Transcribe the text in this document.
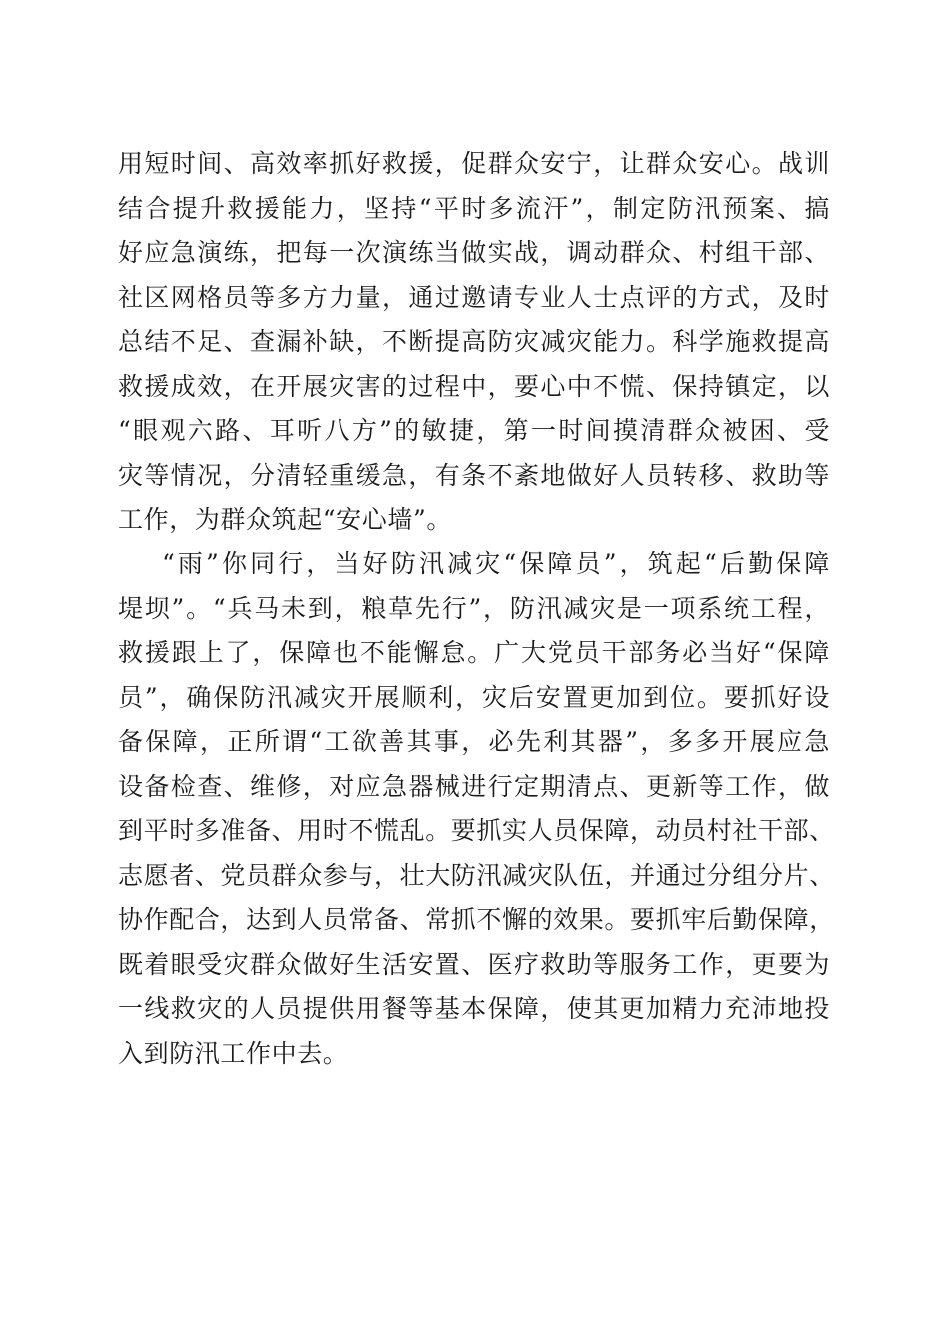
用短时间、高效率抓好救援，促群众安宁，让群众安心。战训
结合提升救援能力，坚持“平时多流汗”，制定防汛预案、搞
好应急演练，把每一次演练当做实战，调动群众、村组干部、
社区网格员等多方力量，通过邀请专业人士点评的方式，及时
总结不足、查漏补缺，不断提高防灾减灾能力。科学施救提高
救援成效，在开展灾害的过程中，要心中不慌、保持镇定，以
“眼观六路、耳听八方”的敏捷，第一时间摸清群众被困、受
灾等情况，分清轻重缓急，有条不紊地做好人员转移、救助等
工作，为群众筑起“安心墙”。
“雨”你同行，当好防汛减灾“保障员”，筑起“后勤保障
堤坝”。“兵马未到，粮草先行”，防汛减灾是一项系统工程，
救援跟上了，保障也不能懈怠。广大党员干部务必当好“保障
员”，确保防汛减灾开展顺利，灾后安置更加到位。要抓好设
备保障，正所谓“工欲善其事，必先利其器”，多多开展应急
设备检查、维修，对应急器械进行定期清点、更新等工作，做
到平时多准备、用时不慌乱。要抓实人员保障，动员村社干部、
志愿者、党员群众参与，壮大防汛减灾队伍，并通过分组分片、
协作配合，达到人员常备、常抓不懈的效果。要抓牢后勤保障，
既着眼受灾群众做好生活安置、医疗救助等服务工作，更要为
一线救灾的人员提供用餐等基本保障，使其更加精力充沛地投
入到防汛工作中去。
